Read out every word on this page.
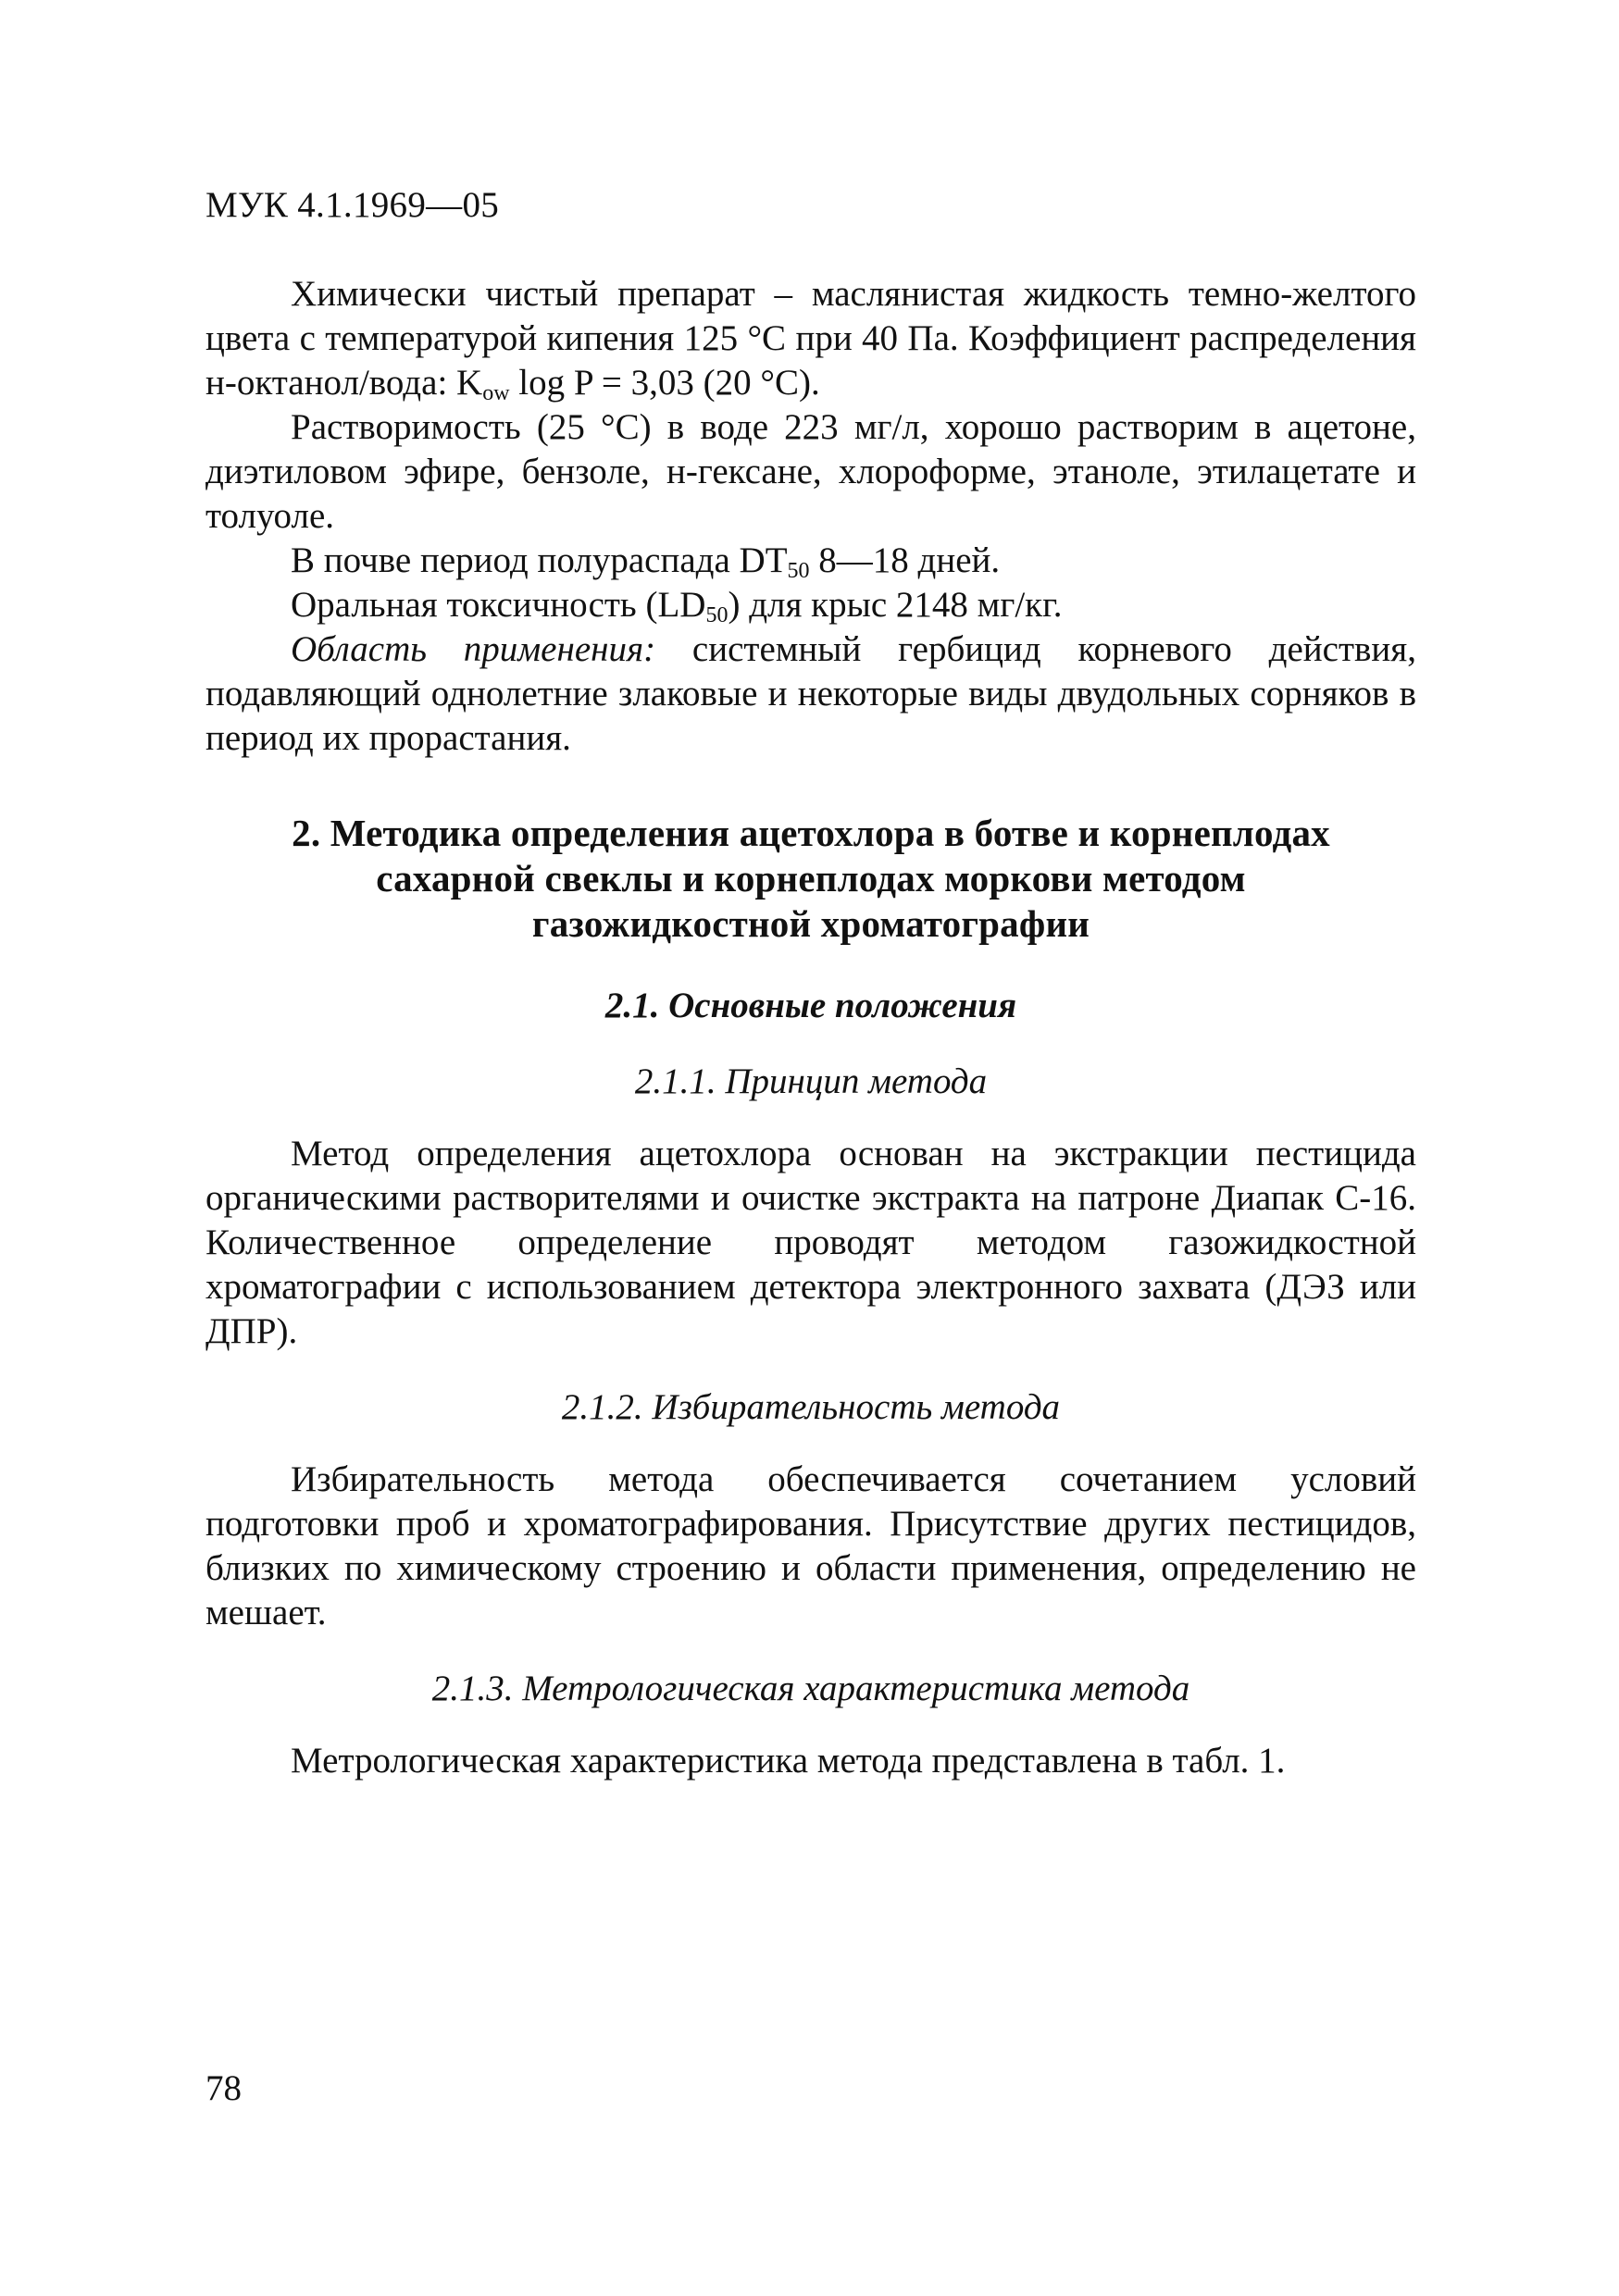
МУК 4.1.1969—05

Химически чистый препарат – маслянистая жидкость темно-желтого цвета с температурой кипения 125 °С при 40 Па. Коэффициент распределения н-октанол/вода: $K_{ow}$ log P = 3,03 (20 °С).

Растворимость (25 °С) в воде 223 мг/л, хорошо растворим в ацетоне, диэтиловом эфире, бензоле, н-гексане, хлороформе, этаноле, этилацетате и толуоле.

В почве период полураспада $DT_{50}$ 8—18 дней.

Оральная токсичность $(LD_{50})$ для крыс 2148 мг/кг.

Область применения: системный гербицид корневого действия, подавляющий однолетние злаковые и некоторые виды двудольных сорняков в период их прорастания.

2. Методика определения ацетохлора в ботве и корнеплодах
сахарной свеклы и корнеплодах моркови методом
газожидкостной хроматографии
2.1. Основные положения
2.1.1. Принцип метода

Метод определения ацетохлора основан на экстракции пестицида органическими растворителями и очистке экстракта на патроне Диапак С-16. Количественное определение проводят методом газожидкостной хроматографии с использованием детектора электронного захвата (ДЭЗ или ДПР).

2.1.2. Избирательность метода

Избирательность метода обеспечивается сочетанием условий подготовки проб и хроматографирования. Присутствие других пестицидов, близких по химическому строению и области применения, определению не мешает.

2.1.3. Метрологическая характеристика метода

Метрологическая характеристика метода представлена в табл. 1.

78
